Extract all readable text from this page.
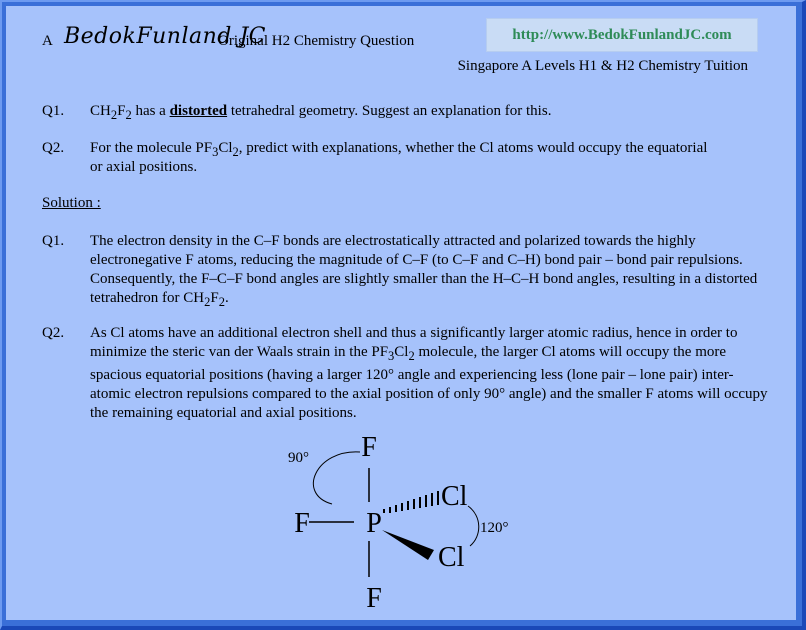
A BedokFunland JC
Original H2 Chemistry Question	http://www.BedokFunlandJC.com
Singapore A Levels H1 & H2 Chemistry Tuition
Q1. $CH_2F_2$ has a distorted tetrahedral geometry. Suggest an explanation for this.
Q2. For the molecule $PF_3Cl_2$, predict with explanations, whether the Cl atoms would occupy the equatorial
or axial positions.
Solution :
Q1. The electron density in the C–F bonds are electrostatically attracted and polarized towards the highly electronegative F atoms, reducing the magnitude of C–F (to C–F and C–H) bond pair – bond pair repulsions. Consequently, the F–C–F bond angles are slightly smaller than the H–C–H bond angles, resulting in a distorted tetrahedron for $CH_2F_2$.
Q2. As Cl atoms have an additional electron shell and thus a significantly larger atomic radius, hence in order to minimize the steric van der Waals strain in the $PF_3Cl_2$ molecule, the larger Cl atoms will occupy the more spacious equatorial positions (having a larger 120° angle and experiencing less (lone pair – lone pair) inter-atomic electron repulsions compared to the axial position of only 90° angle) and the smaller F atoms will occupy the remaining equatorial and axial positions.
F
F P
F
Cl
Cl
90°
120°
